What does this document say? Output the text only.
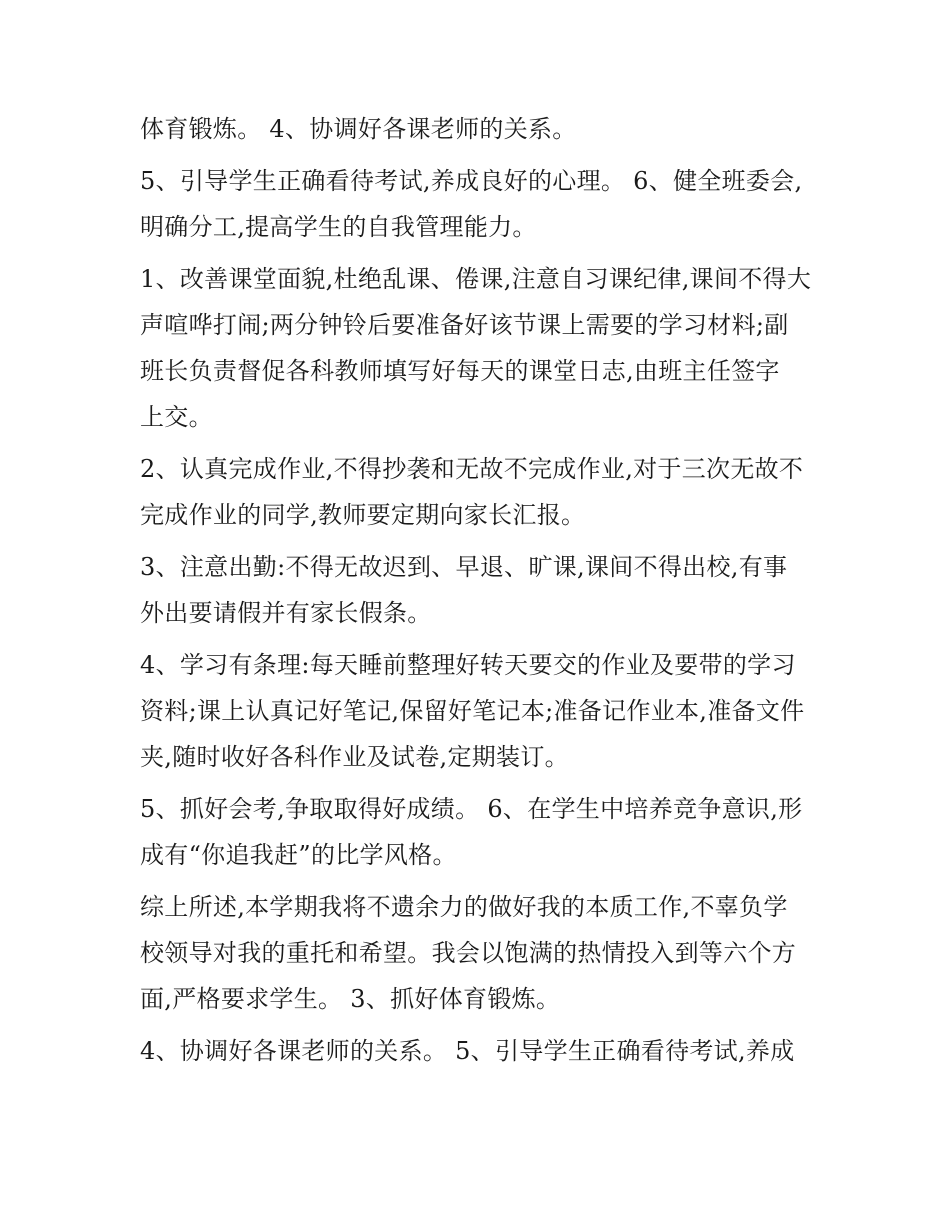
体育锻炼。 4、协调好各课老师的关系。
5、引导学生正确看待考试,养成良好的心理。 6、健全班委会,
明确分工,提高学生的自我管理能力。
1、改善课堂面貌,杜绝乱课、倦课,注意自习课纪律,课间不得大
声喧哗打闹;两分钟铃后要准备好该节课上需要的学习材料;副
班长负责督促各科教师填写好每天的课堂日志,由班主任签字
上交。
2、认真完成作业,不得抄袭和无故不完成作业,对于三次无故不
完成作业的同学,教师要定期向家长汇报。
3、注意出勤:不得无故迟到、早退、旷课,课间不得出校,有事
外出要请假并有家长假条。
4、学习有条理:每天睡前整理好转天要交的作业及要带的学习
资料;课上认真记好笔记,保留好笔记本;准备记作业本,准备文件
夹,随时收好各科作业及试卷,定期装订。
5、抓好会考,争取取得好成绩。 6、在学生中培养竞争意识,形
成有“你追我赶”的比学风格。
综上所述,本学期我将不遗余力的做好我的本质工作,不辜负学
校领导对我的重托和希望。我会以饱满的热情投入到等六个方
面,严格要求学生。 3、抓好体育锻炼。
4、协调好各课老师的关系。 5、引导学生正确看待考试,养成
